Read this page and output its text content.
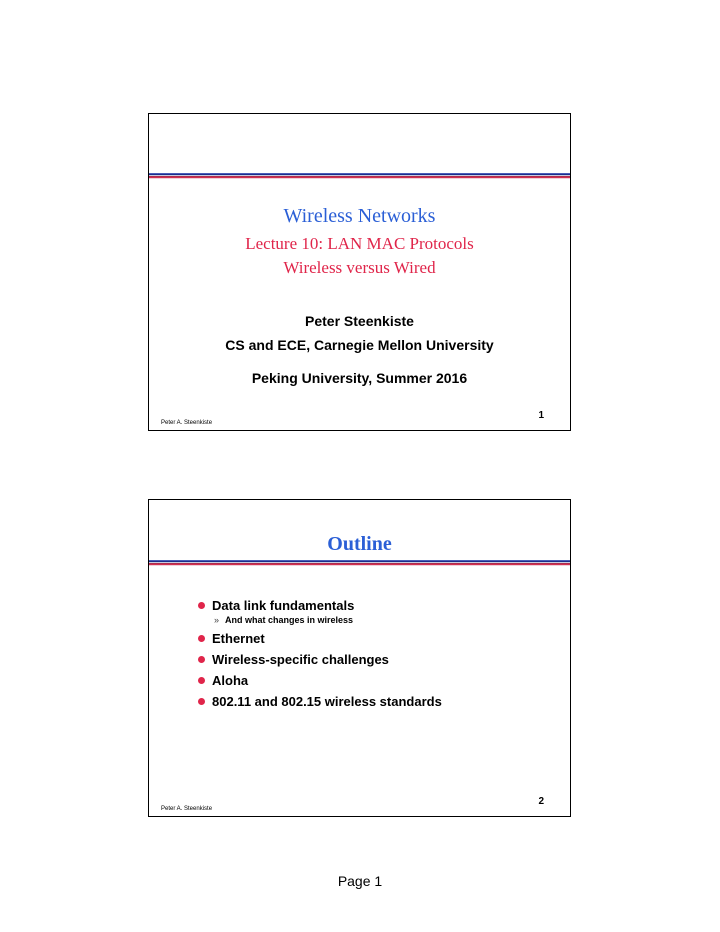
Wireless Networks
Lecture 10: LAN MAC Protocols
Wireless versus Wired
Peter Steenkiste
CS and ECE, Carnegie Mellon University
Peking University, Summer 2016
Peter A. Steenkiste
1
Outline
Data link fundamentals
» And what changes in wireless
Ethernet
Wireless-specific challenges
Aloha
802.11 and 802.15 wireless standards
Peter A. Steenkiste
2
Page 1
